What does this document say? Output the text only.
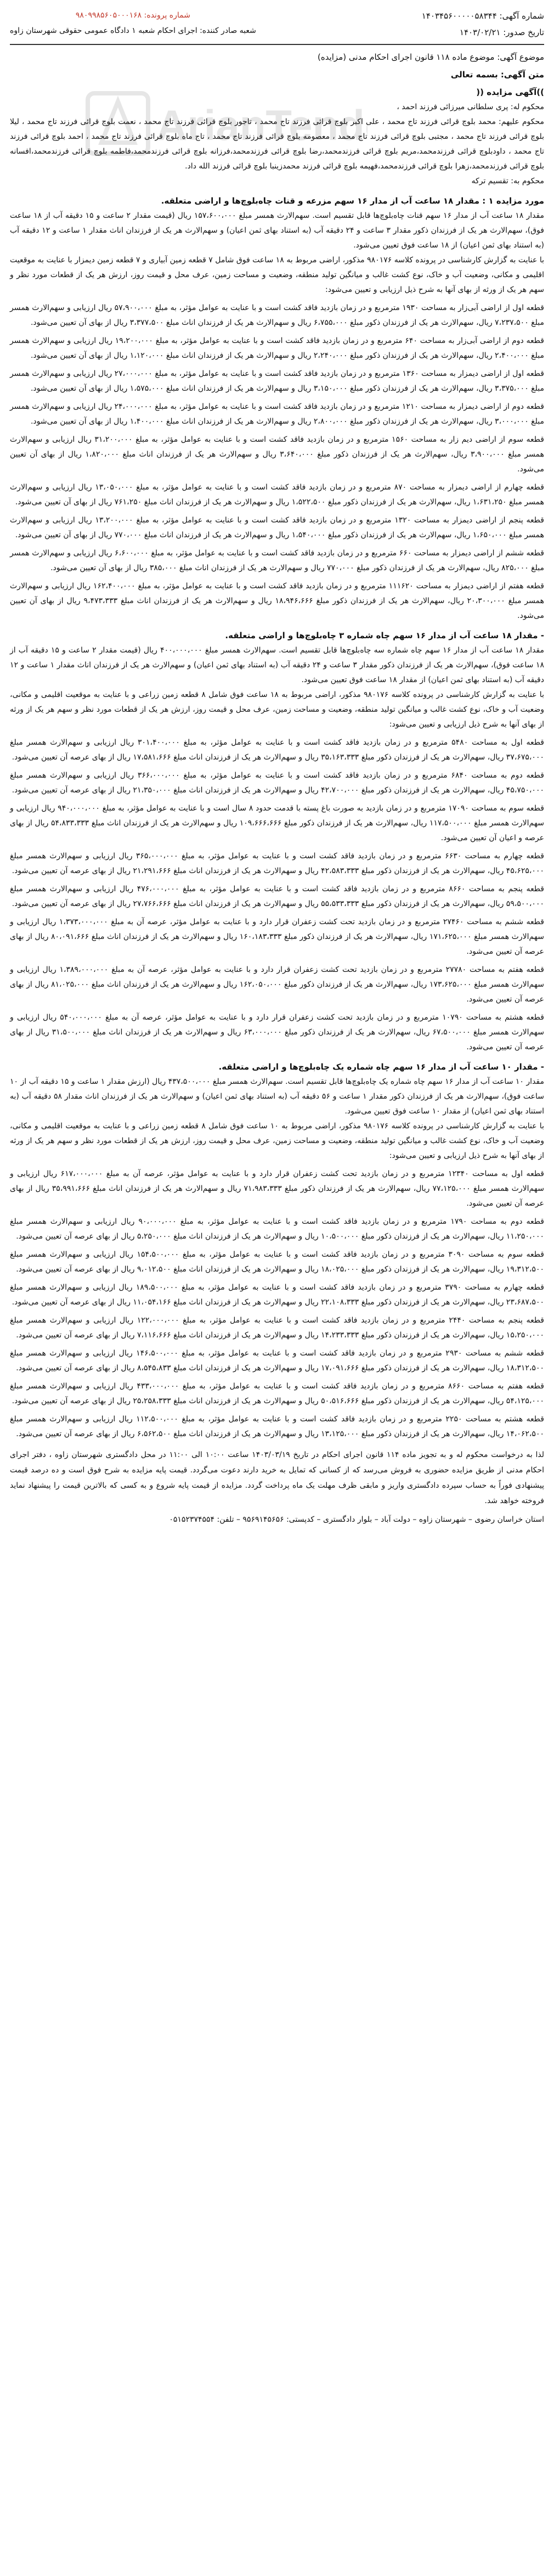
ArianTend
شماره آگهی: ۱۴۰۳۴۵۶۰۰۰۰۰۵۸۳۴۴
تاریخ صدور: ۱۴۰۳/۰۲/۲۱
شماره پرونده: ۹۸۰۹۹۸۵۶۰۵۰۰۰۱۶۸
شعبه صادر کننده: اجرای احکام شعبه ۱ دادگاه عمومی حقوقی شهرستان زاوه
موضوع آگهی: موضوع ماده ۱۱۸ قانون اجرای احکام مدنی (مزایده)
متن آگهی: بسمه تعالی
))آگهی مزایده ((

محکوم له: پری سلطانی میرزائی فرزند احمد ،

محکوم علیهم: محمد بلوچ قرائی فرزند تاج محمد ، علی اکبر بلوچ قرائی فرزند تاج محمد ، تاجور بلوچ قرائی فرزند تاج محمد ، نعمت بلوچ قرائی فرزند تاج محمد ، لیلا بلوچ قرائی فرزند تاج محمد ، مجتبی بلوچ قرائی فرزند تاج محمد ، معصومه بلوچ قرائی فرزند تاج محمد ، تاج ماه بلوچ قرائی فرزند تاج محمد ، احمد بلوچ قرائی فرزند تاج محمد ، داودبلوچ قرائی فرزندمحمد،مریم بلوچ قرائی فرزندمحمد،رضا بلوچ قرائی فرزندمحمد،فرزانه بلوچ قرائی فرزندمحمد،فاطمه بلوچ قرائی فرزندمحمد،افسانه بلوچ قرائی فرزندمحمد،زهرا بلوچ قرائی فرزندمحمد،فهیمه بلوچ قرائی فرزند محمدزینبا بلوچ قرائی فرزند الله داد.

محکوم به: تقسیم ترکه

مورد مزایده ۱ : مقدار ۱۸ ساعت آب از مدار ۱۶ سهم مزرعه و قنات چاه‌بلوچ‌ها و اراضی متعلقه.

مقدار ۱۸ ساعت آب از مدار ۱۶ سهم قنات چاه‌بلوچ‌ها قابل تقسیم است. سهم‌الارث همسر مبلغ ۱۵۷،۶۰۰،۰۰۰ ریال (قیمت مقدار ۲ ساعت و ۱۵ دقیقه آب از ۱۸ ساعت فوق)، سهم‌الارث هر یک از فرزندان ذکور مقدار ۳ ساعت و ۲۴ دقیقه آب (به استناد بهای ثمن اعیان) و سهم‌الارث هر یک از فرزندان اناث مقدار ۱ ساعت و ۱۲ دقیقه آب (به استناد بهای ثمن اعیان) از ۱۸ ساعت فوق تعیین می‌شود.

با عنایت به گزارش کارشناسی در پرونده کلاسه ۹۸۰۱۷۶ مذکور، اراضی مربوط به ۱۸ ساعت فوق شامل ۷ قطعه زمین آبیاری و ۷ قطعه زمین دیمزار با عنایت به موقعیت اقلیمی و مکانی، وضعیت آب و خاک، نوع کشت غالب و میانگین تولید منطقه، وضعیت و مساحت زمین، عرف محل و قیمت روز، ارزش هر یک از قطعات مورد نظر و سهم هر یک از ورثه از بهای آنها به شرح ذیل ارزیابی و تعیین می‌شود:

قطعه اول از اراضی آبی‌زار به مساحت ۱۹۳۰ مترمربع و در زمان بازدید فاقد کشت است و با عنایت به عوامل مؤثر، به مبلغ ۵۷،۹۰۰،۰۰۰ ریال ارزیابی و سهم‌الارث همسر مبلغ ۷،۲۳۷،۵۰۰ ریال، سهم‌الارث هر یک از فرزندان ذکور مبلغ ۶،۷۵۵،۰۰۰ ریال و سهم‌الارث هر یک از فرزندان اناث مبلغ ۳،۳۷۷،۵۰۰ ریال از بهای آن تعیین می‌شود.

قطعه دوم از اراضی آبی‌زار به مساحت ۶۴۰ مترمربع و در زمان بازدید فاقد کشت است و با عنایت به عوامل مؤثر، به مبلغ ۱۹،۲۰۰،۰۰۰ ریال ارزیابی و سهم‌الارث همسر مبلغ ۲،۴۰۰،۰۰۰ ریال، سهم‌الارث هر یک از فرزندان ذکور مبلغ ۲،۲۴۰،۰۰۰ ریال و سهم‌الارث هر یک از فرزندان اناث مبلغ ۱،۱۲۰،۰۰۰ ریال از بهای آن تعیین می‌شود.

قطعه اول از اراضی دیمزار به مساحت ۱۳۶۰ مترمربع و در زمان بازدید فاقد کشت است و با عنایت به عوامل مؤثر، به مبلغ ۲۷،۰۰۰،۰۰۰ ریال ارزیابی و سهم‌الارث همسر مبلغ ۳،۳۷۵،۰۰۰ ریال، سهم‌الارث هر یک از فرزندان ذکور مبلغ ۳،۱۵۰،۰۰۰ ریال و سهم‌الارث هر یک از فرزندان اناث مبلغ ۱،۵۷۵،۰۰۰ ریال از بهای آن تعیین می‌شود.

قطعه دوم از اراضی دیمزار به مساحت ۱۲۱۰ مترمربع و در زمان بازدید فاقد کشت است و با عنایت به عوامل مؤثر، به مبلغ ۲۴،۰۰۰،۰۰۰ ریال ارزیابی و سهم‌الارث همسر مبلغ ۳،۰۰۰،۰۰۰ ریال، سهم‌الارث هر یک از فرزندان ذکور مبلغ ۲،۸۰۰،۰۰۰ ریال و سهم‌الارث هر یک از فرزندان اناث مبلغ ۱،۴۰۰،۰۰۰ ریال از بهای آن تعیین می‌شود.

قطعه سوم از اراضی دیم زار به مساحت ۱۵۶۰ مترمربع و در زمان بازدید فاقد کشت است و با عنایت به عوامل مؤثر، به مبلغ ۳۱،۲۰۰،۰۰۰ ریال ارزیابی و سهم‌الارث همسر مبلغ ۳،۹۰۰،۰۰۰ ریال، سهم‌الارث هر یک از فرزندان ذکور مبلغ ۳،۶۴۰،۰۰۰ ریال و سهم‌الارث هر یک از فرزندان اناث مبلغ ۱،۸۲۰،۰۰۰ ریال از بهای آن تعیین می‌شود.

قطعه چهارم از اراضی دیمزار به مساحت ۸۷۰ مترمربع و در زمان بازدید فاقد کشت است و با عنایت به عوامل مؤثر، به مبلغ ۱۳،۰۵۰،۰۰۰ ریال ارزیابی و سهم‌الارث همسر مبلغ ۱،۶۳۱،۲۵۰ ریال، سهم‌الارث هر یک از فرزندان ذکور مبلغ ۱،۵۲۲،۵۰۰ ریال و سهم‌الارث هر یک از فرزندان اناث مبلغ ۷۶۱،۲۵۰ ریال از بهای آن تعیین می‌شود.

قطعه پنجم از اراضی دیمزار به مساحت ۱۳۲۰ مترمربع و در زمان بازدید فاقد کشت است و با عنایت به عوامل مؤثر، به مبلغ ۱۳،۲۰۰،۰۰۰ ریال ارزیابی و سهم‌الارث همسر مبلغ ۱،۶۵۰،۰۰۰ ریال، سهم‌الارث هر یک از فرزندان ذکور مبلغ ۱،۵۴۰،۰۰۰ ریال و سهم‌الارث هر یک از فرزندان اناث مبلغ ۷۷۰،۰۰۰ ریال از بهای آن تعیین می‌شود.

قطعه ششم از اراضی دیمزار به مساحت ۶۶۰ مترمربع و در زمان بازدید فاقد کشت است و با عنایت به عوامل مؤثر، به مبلغ ۶،۶۰۰،۰۰۰ ریال ارزیابی و سهم‌الارث همسر مبلغ ۸۲۵،۰۰۰ ریال، سهم‌الارث هر یک از فرزندان ذکور مبلغ ۷۷۰،۰۰۰ ریال و سهم‌الارث هر یک از فرزندان اناث مبلغ ۳۸۵،۰۰۰ ریال از بهای آن تعیین می‌شود.

قطعه هفتم از اراضی دیمزار به مساحت ۱۱۱۶۲۰ مترمربع و در زمان بازدید فاقد کشت است و با عنایت به عوامل مؤثر، به مبلغ ۱۶۲،۴۰۰،۰۰۰ ریال ارزیابی و سهم‌الارث همسر مبلغ ۲۰،۳۰۰،۰۰۰ ریال، سهم‌الارث هر یک از فرزندان ذکور مبلغ ۱۸،۹۴۶،۶۶۶ ریال و سهم‌الارث هر یک از فرزندان اناث مبلغ ۹،۴۷۳،۳۳۳ ریال از بهای آن تعیین می‌شود.

- مقدار ۱۸ ساعت آب از مدار ۱۶ سهم چاه شماره ۳ چاه‌بلوچ‌ها و اراضی متعلقه.

مقدار ۱۸ ساعت آب از مدار ۱۶ سهم چاه شماره سه چاه‌بلوچ‌ها قابل تقسیم است. سهم‌الارث همسر مبلغ ۴۰۰،۰۰۰،۰۰۰ ریال (قیمت مقدار ۲ ساعت و ۱۵ دقیقه آب از ۱۸ ساعت فوق)، سهم‌الارث هر یک از فرزندان ذکور مقدار ۳ ساعت و ۲۴ دقیقه آب (به استناد بهای ثمن اعیان) و سهم‌الارث هر یک از فرزندان اناث مقدار ۱ ساعت و ۱۲ دقیقه آب (به استناد بهای ثمن اعیان) از مقدار ۱۸ ساعت فوق تعیین می‌شود.

با عنایت به گزارش کارشناسی در پرونده کلاسه ۹۸۰۱۷۶ مذکور، اراضی مربوط به ۱۸ ساعت فوق شامل ۸ قطعه زمین زراعی و با عنایت به موقعیت اقلیمی و مکانی، وضعیت آب و خاک، نوع کشت غالب و میانگین تولید منطقه، وضعیت و مساحت زمین، عرف محل و قیمت روز، ارزش هر یک از قطعات مورد نظر و سهم هر یک از ورثه از بهای آنها به شرح ذیل ارزیابی و تعیین می‌شود:

قطعه اول به مساحت ۵۴۸۰ مترمربع و در زمان بازدید فاقد کشت است و با عنایت به عوامل مؤثر، به مبلغ ۳۰۱،۴۰۰،۰۰۰ ریال ارزیابی و سهم‌الارث همسر مبلغ ۳۷،۶۷۵،۰۰۰ ریال، سهم‌الارث هر یک از فرزندان ذکور مبلغ ۳۵،۱۶۳،۳۳۳ ریال و سهم‌الارث هر یک از فرزندان اناث مبلغ ۱۷،۵۸۱،۶۶۶ ریال از بهای عرصه آن تعیین می‌شود.

قطعه دوم به مساحت ۶۸۴۰ مترمربع و در زمان بازدید فاقد کشت است و با عنایت به عوامل مؤثر، به مبلغ ۳۶۶،۰۰۰،۰۰۰ ریال ارزیابی و سهم‌الارث همسر مبلغ ۴۵،۷۵۰،۰۰۰ ریال، سهم‌الارث هر یک از فرزندان ذکور مبلغ ۴۲،۷۰۰،۰۰۰ ریال و سهم‌الارث هر یک از فرزندان اناث مبلغ ۲۱،۳۵۰،۰۰۰ ریال از بهای عرصه آن تعیین می‌شود.

قطعه سوم به مساحت ۱۷۰۹۰ مترمربع و در زمان بازدید به صورت باغ پسته با قدمت حدود ۸ سال است و با عنایت به عوامل مؤثر، به مبلغ ۹۴۰،۰۰۰،۰۰۰ ریال ارزیابی و سهم‌الارث همسر مبلغ ۱۱۷،۵۰۰،۰۰۰ ریال، سهم‌الارث هر یک از فرزندان ذکور مبلغ ۱۰۹،۶۶۶،۶۶۶ ریال و سهم‌الارث هر یک از فرزندان اناث مبلغ ۵۴،۸۳۳،۳۳۳ ریال از بهای عرصه و اعیان آن تعیین می‌شود.

قطعه چهارم به مساحت ۶۶۳۰ مترمربع و در زمان بازدید فاقد کشت است و با عنایت به عوامل مؤثر، به مبلغ ۳۶۵،۰۰۰،۰۰۰ ریال ارزیابی و سهم‌الارث همسر مبلغ ۴۵،۶۲۵،۰۰۰ ریال، سهم‌الارث هر یک از فرزندان ذکور مبلغ ۴۲،۵۸۳،۳۳۳ ریال و سهم‌الارث هر یک از فرزندان اناث مبلغ ۲۱،۲۹۱،۶۶۶ ریال از بهای عرصه آن تعیین می‌شود.

قطعه پنجم به مساحت ۸۶۶۰ مترمربع و در زمان بازدید فاقد کشت است و با عنایت به عوامل مؤثر، به مبلغ ۴۷۶،۰۰۰،۰۰۰ ریال ارزیابی و سهم‌الارث همسر مبلغ ۵۹،۵۰۰،۰۰۰ ریال، سهم‌الارث هر یک از فرزندان ذکور مبلغ ۵۵،۵۳۳،۳۳۳ ریال و سهم‌الارث هر یک از فرزندان اناث مبلغ ۲۷،۷۶۶،۶۶۶ ریال از بهای عرصه آن تعیین می‌شود.

قطعه ششم به مساحت ۲۷۴۶۰ مترمربع و در زمان بازدید تحت کشت زعفران قرار دارد و با عنایت به عوامل مؤثر، عرصه آن به مبلغ ۱،۳۷۳،۰۰۰،۰۰۰ ریال ارزیابی و سهم‌الارث همسر مبلغ ۱۷۱،۶۲۵،۰۰۰ ریال، سهم‌الارث هر یک از فرزندان ذکور مبلغ ۱۶۰،۱۸۳،۳۳۳ ریال و سهم‌الارث هر یک از فرزندان اناث مبلغ ۸۰،۰۹۱،۶۶۶ ریال از بهای عرصه آن تعیین می‌شود.

قطعه هفتم به مساحت ۲۷۷۸۰ مترمربع و در زمان بازدید تحت کشت زعفران قرار دارد و با عنایت به عوامل مؤثر، عرصه آن به مبلغ ۱،۳۸۹،۰۰۰،۰۰۰ ریال ارزیابی و سهم‌الارث همسر مبلغ ۱۷۳،۶۲۵،۰۰۰ ریال، سهم‌الارث هر یک از فرزندان ذکور مبلغ ۱۶۲،۰۵۰،۰۰۰ ریال و سهم‌الارث هر یک از فرزندان اناث مبلغ ۸۱،۰۲۵،۰۰۰ ریال از بهای عرصه آن تعیین می‌شود.

قطعه هشتم به مساحت ۱۰۷۹۰ مترمربع و در زمان بازدید تحت کشت زعفران قرار دارد و با عنایت به عوامل مؤثر، عرصه آن به مبلغ ۵۴۰،۰۰۰،۰۰۰ ریال ارزیابی و سهم‌الارث همسر مبلغ ۶۷،۵۰۰،۰۰۰ ریال، سهم‌الارث هر یک از فرزندان ذکور مبلغ ۶۳،۰۰۰،۰۰۰ ریال و سهم‌الارث هر یک از فرزندان اناث مبلغ ۳۱،۵۰۰،۰۰۰ ریال از بهای عرصه آن تعیین می‌شود.

- مقدار ۱۰ ساعت آب از مدار ۱۶ سهم چاه شماره یک چاه‌بلوچ‌ها و اراضی متعلقه.

مقدار ۱۰ ساعت آب از مدار ۱۶ سهم چاه شماره یک چاه‌بلوچ‌ها قابل تقسیم است. سهم‌الارث همسر مبلغ ۴۳۷،۵۰۰،۰۰۰ ریال (ارزش مقدار ۱ ساعت و ۱۵ دقیقه آب از ۱۰ ساعت فوق)، سهم‌الارث هر یک از فرزندان ذکور مقدار ۱ ساعت و ۵۶ دقیقه آب (به استناد بهای ثمن اعیان) و سهم‌الارث هر یک از فرزندان اناث مقدار ۵۸ دقیقه آب (به استناد بهای ثمن اعیان) از مقدار ۱۰ ساعت فوق تعیین می‌شود.

با عنایت به گزارش کارشناسی در پرونده کلاسه ۹۸۰۱۷۶ مذکور، اراضی مربوط به ۱۰ ساعت فوق شامل ۸ قطعه زمین زراعی و با عنایت به موقعیت اقلیمی و مکانی، وضعیت آب و خاک، نوع کشت غالب و میانگین تولید منطقه، وضعیت و مساحت زمین، عرف محل و قیمت روز، ارزش هر یک از قطعات مورد نظر و سهم هر یک از ورثه از بهای آنها به شرح ذیل ارزیابی و تعیین می‌شود:

قطعه اول به مساحت ۱۲۳۴۰ مترمربع و در زمان بازدید تحت کشت زعفران قرار دارد و با عنایت به عوامل مؤثر، عرصه آن به مبلغ ۶۱۷،۰۰۰،۰۰۰ ریال ارزیابی و سهم‌الارث همسر مبلغ ۷۷،۱۲۵،۰۰۰ ریال، سهم‌الارث هر یک از فرزندان ذکور مبلغ ۷۱،۹۸۳،۳۳۳ ریال و سهم‌الارث هر یک از فرزندان اناث مبلغ ۳۵،۹۹۱،۶۶۶ ریال از بهای عرصه آن تعیین می‌شود.

قطعه دوم به مساحت ۱۷۹۰ مترمربع و در زمان بازدید فاقد کشت است و با عنایت به عوامل مؤثر، به مبلغ ۹۰،۰۰۰،۰۰۰ ریال ارزیابی و سهم‌الارث همسر مبلغ ۱۱،۲۵۰،۰۰۰ ریال، سهم‌الارث هر یک از فرزندان ذکور مبلغ ۱۰،۵۰۰،۰۰۰ ریال و سهم‌الارث هر یک از فرزندان اناث مبلغ ۵،۲۵۰،۰۰۰ ریال از بهای عرصه آن تعیین می‌شود.

قطعه سوم به مساحت ۳۰۹۰ مترمربع و در زمان بازدید فاقد کشت است و با عنایت به عوامل مؤثر، به مبلغ ۱۵۴،۵۰۰،۰۰۰ ریال ارزیابی و سهم‌الارث همسر مبلغ ۱۹،۳۱۲،۵۰۰ ریال، سهم‌الارث هر یک از فرزندان ذکور مبلغ ۱۸،۰۲۵،۰۰۰ ریال و سهم‌الارث هر یک از فرزندان اناث مبلغ ۹،۰۱۲،۵۰۰ ریال از بهای عرصه آن تعیین می‌شود.

قطعه چهارم به مساحت ۳۷۹۰ مترمربع و در زمان بازدید فاقد کشت است و با عنایت به عوامل مؤثر، به مبلغ ۱۸۹،۵۰۰،۰۰۰ ریال ارزیابی و سهم‌الارث همسر مبلغ ۲۳،۶۸۷،۵۰۰ ریال، سهم‌الارث هر یک از فرزندان ذکور مبلغ ۲۲،۱۰۸،۳۳۳ ریال و سهم‌الارث هر یک از فرزندان اناث مبلغ ۱۱،۰۵۴،۱۶۶ ریال از بهای عرصه آن تعیین می‌شود.

قطعه پنجم به مساحت ۲۴۴۰ مترمربع و در زمان بازدید فاقد کشت است و با عنایت به عوامل مؤثر، به مبلغ ۱۲۲،۰۰۰،۰۰۰ ریال ارزیابی و سهم‌الارث همسر مبلغ ۱۵،۲۵۰،۰۰۰ ریال، سهم‌الارث هر یک از فرزندان ذکور مبلغ ۱۴،۲۳۳،۳۳۳ ریال و سهم‌الارث هر یک از فرزندان اناث مبلغ ۷،۱۱۶،۶۶۶ ریال از بهای عرصه آن تعیین می‌شود.

قطعه ششم به مساحت ۲۹۳۰ مترمربع و در زمان بازدید فاقد کشت است و با عنایت به عوامل مؤثر، به مبلغ ۱۴۶،۵۰۰،۰۰۰ ریال ارزیابی و سهم‌الارث همسر مبلغ ۱۸،۳۱۲،۵۰۰ ریال، سهم‌الارث هر یک از فرزندان ذکور مبلغ ۱۷،۰۹۱،۶۶۶ ریال و سهم‌الارث هر یک از فرزندان اناث مبلغ ۸،۵۴۵،۸۳۳ ریال از بهای عرصه آن تعیین می‌شود.

قطعه هفتم به مساحت ۸۶۶۰ مترمربع و در زمان بازدید فاقد کشت است و با عنایت به عوامل مؤثر، به مبلغ ۴۳۳،۰۰۰،۰۰۰ ریال ارزیابی و سهم‌الارث همسر مبلغ ۵۴،۱۲۵،۰۰۰ ریال، سهم‌الارث هر یک از فرزندان ذکور مبلغ ۵۰،۵۱۶،۶۶۶ ریال و سهم‌الارث هر یک از فرزندان اناث مبلغ ۲۵،۲۵۸،۳۳۳ ریال از بهای عرصه آن تعیین می‌شود.

قطعه هشتم به مساحت ۲۲۵۰ مترمربع و در زمان بازدید فاقد کشت است و با عنایت به عوامل مؤثر، به مبلغ ۱۱۲،۵۰۰،۰۰۰ ریال ارزیابی و سهم‌الارث همسر مبلغ ۱۴،۰۶۲،۵۰۰ ریال، سهم‌الارث هر یک از فرزندان ذکور مبلغ ۱۳،۱۲۵،۰۰۰ ریال و سهم‌الارث هر یک از فرزندان اناث مبلغ ۶،۵۶۲،۵۰۰ ریال از بهای عرصه آن تعیین می‌شود.

لذا به درخواست محکوم له و به تجویز ماده ۱۱۴ قانون اجرای احکام در تاریخ ۱۴۰۳/۰۳/۱۹ ساعت ۱۰:۰۰ الی ۱۱:۰۰ در محل دادگستری شهرستان زاوه ، دفتر اجرای احکام مدنی از طریق مزایده حضوری به فروش می‌رسد که از کسانی که تمایل به خرید دارند دعوت می‌گردد. قیمت پایه مزایده به شرح فوق است و ده درصد قیمت پیشنهادی فوراً به حساب سپرده دادگستری واریز و مابقی ظرف مهلت یک ماه پرداخت گردد. مزایده از قیمت پایه شروع و به کسی که بالاترین قیمت را پیشنهاد نماید فروخته خواهد شد.

استان خراسان رضوی – شهرستان زاوه – دولت آباد – بلوار دادگستری – کدپستی: ۹۵۶۹۱۴۵۶۵۶ – تلفن: ۰۵۱۵۲۳۷۴۵۵۴
